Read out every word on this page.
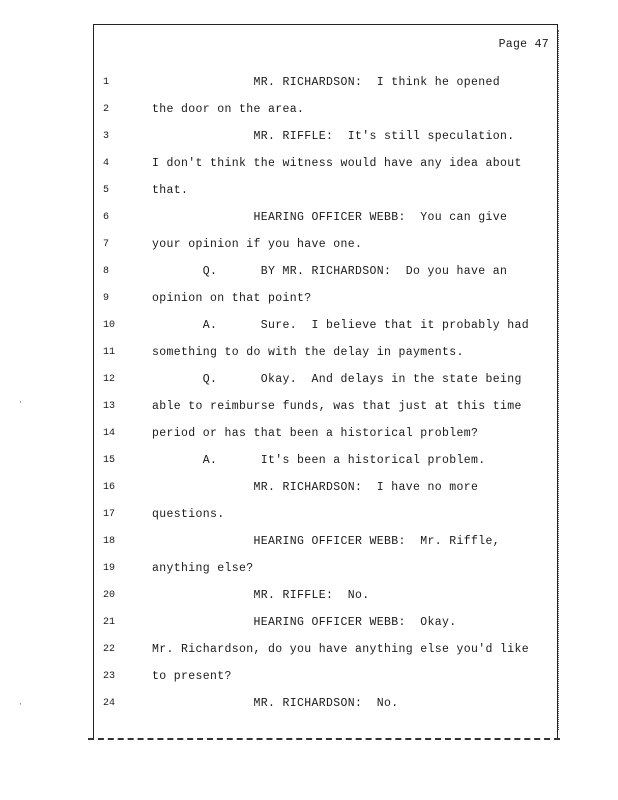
Page 47
1	MR. RICHARDSON:  I think he opened
2	the door on the area.
3	MR. RIFFLE:  It's still speculation.
4	I don't think the witness would have any idea about
5	that.
6	HEARING OFFICER WEBB:  You can give
7	your opinion if you have one.
8	Q.      BY MR. RICHARDSON:  Do you have an
9	opinion on that point?
10	A.      Sure.  I believe that it probably had
11	something to do with the delay in payments.
12	Q.      Okay.  And delays in the state being
13	able to reimburse funds, was that just at this time
14	period or has that been a historical problem?
15	A.      It's been a historical problem.
16	MR. RICHARDSON:  I have no more
17	questions.
18	HEARING OFFICER WEBB:  Mr. Riffle,
19	anything else?
20	MR. RIFFLE:  No.
21	HEARING OFFICER WEBB:  Okay.
22	Mr. Richardson, do you have anything else you'd like
23	to present?
24	MR. RICHARDSON:  No.
·
·
